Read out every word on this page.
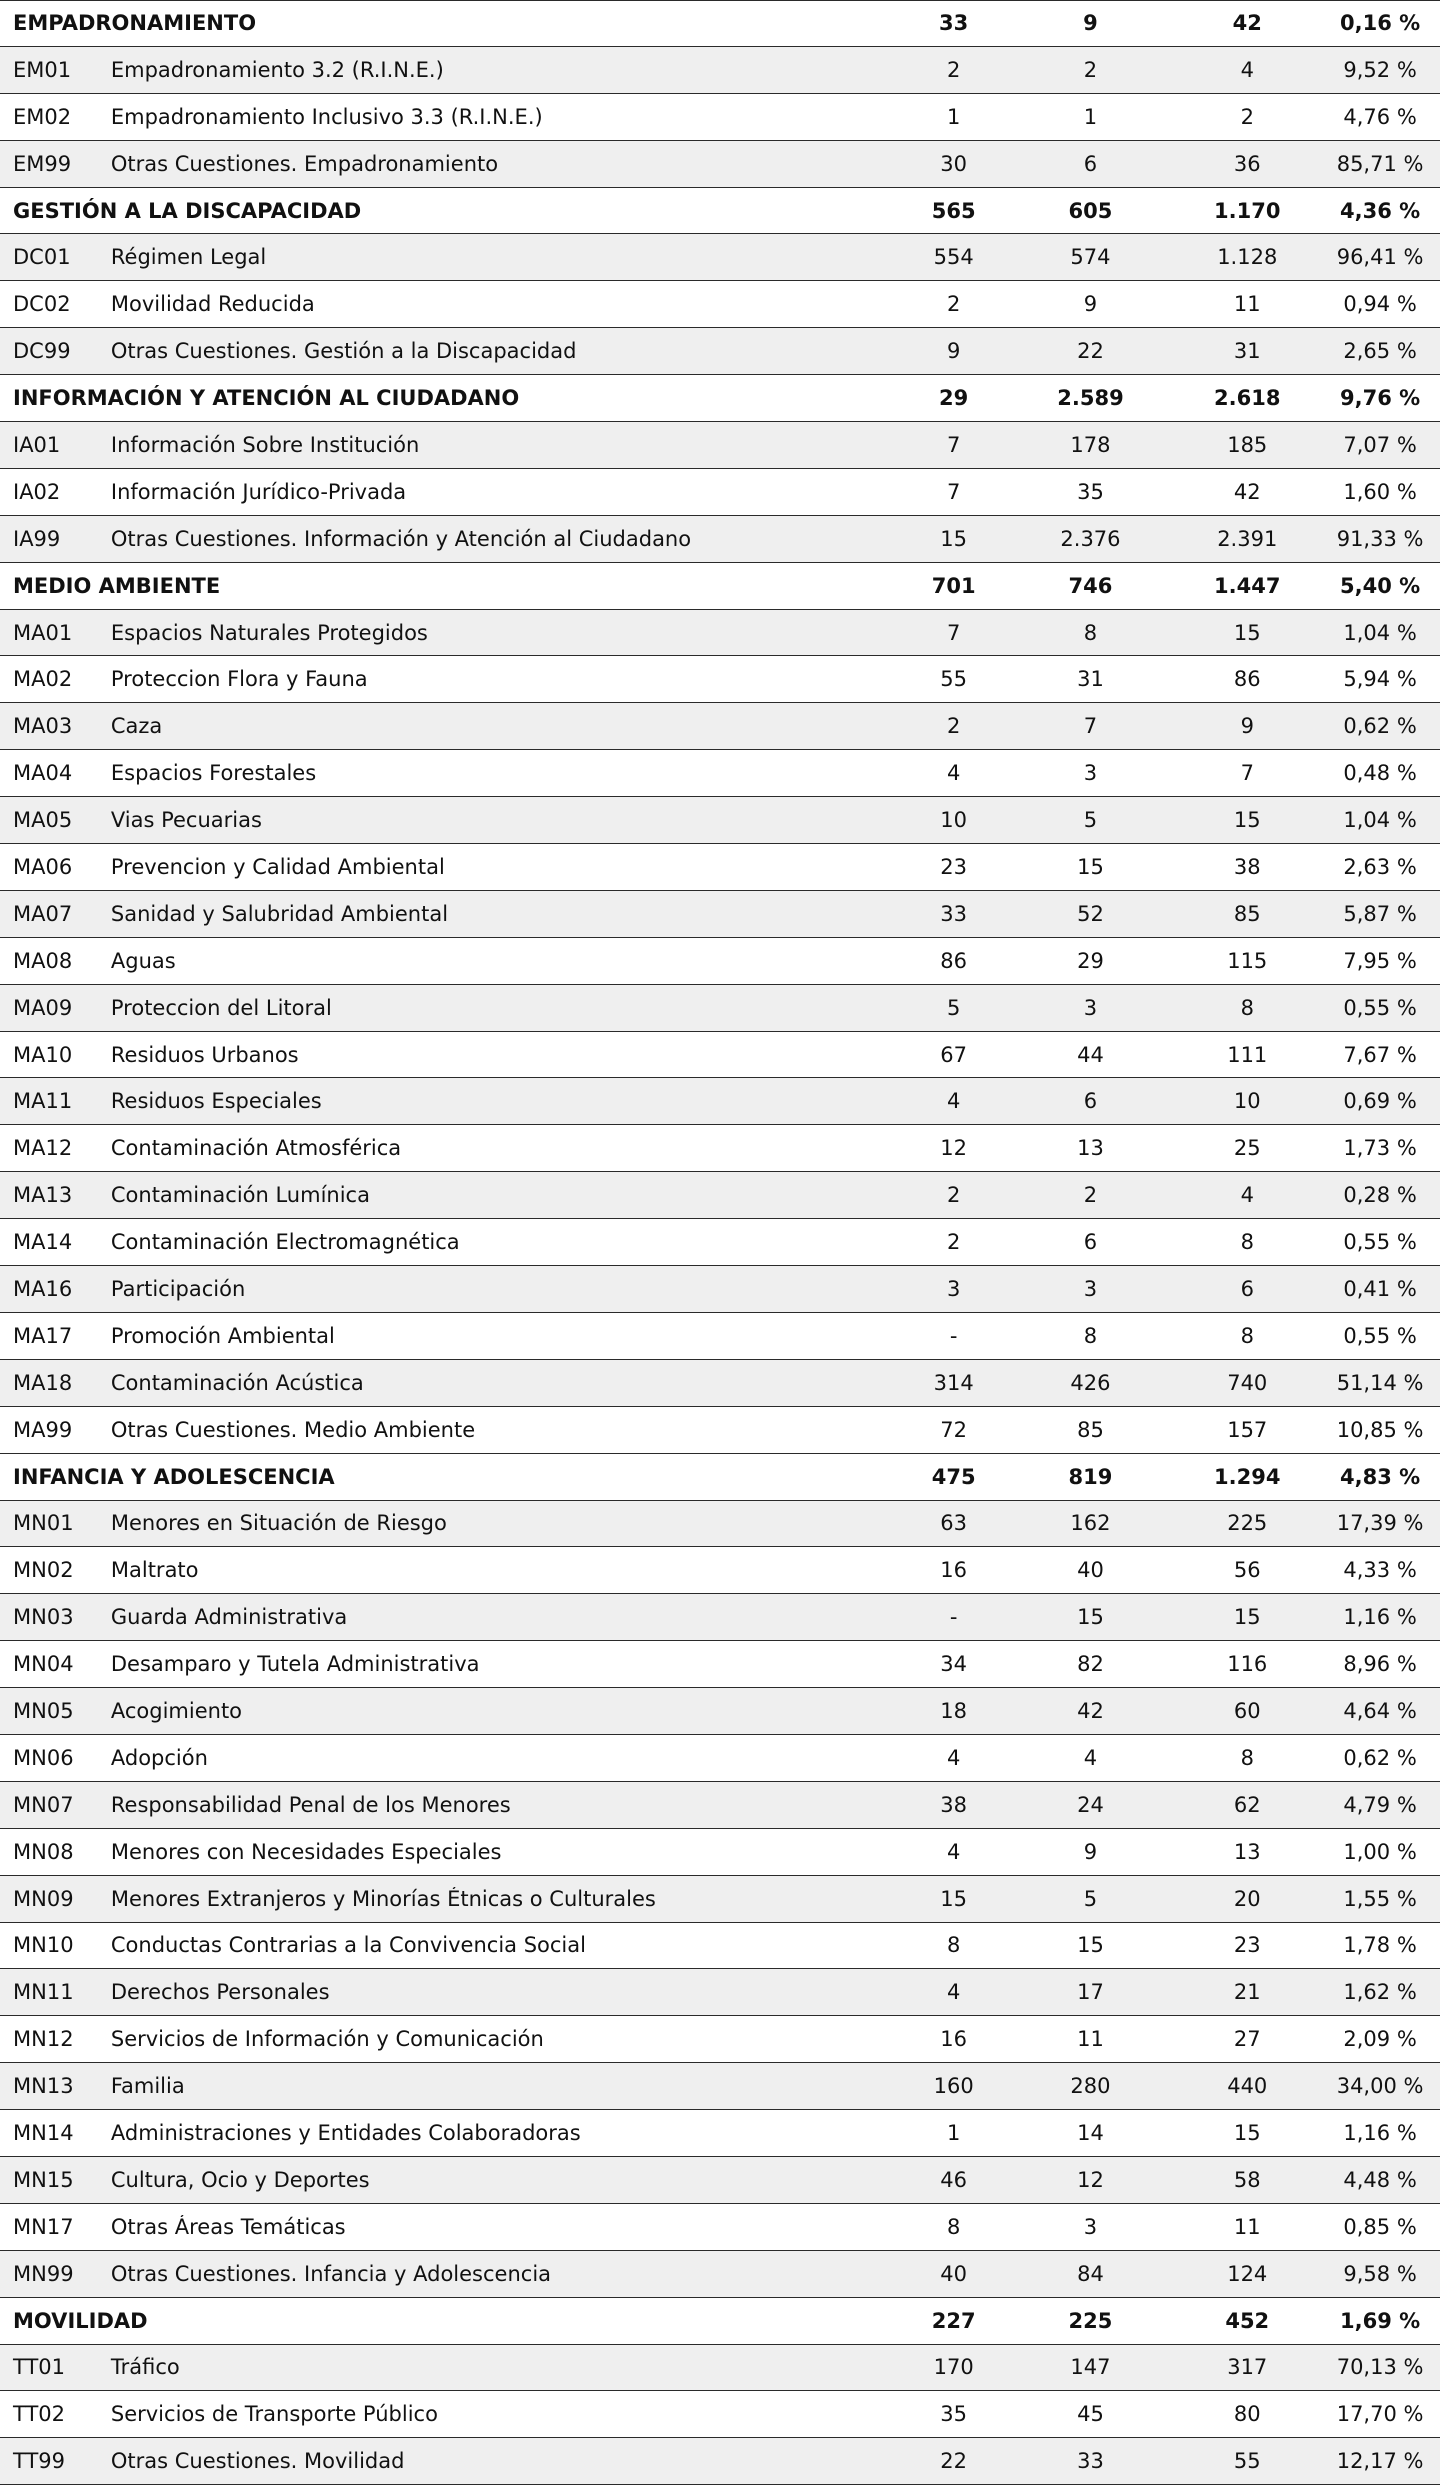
EMPADRONAMIENTO	33	9	42	0,16 %
EM01	Empadronamiento 3.2 (R.I.N.E.)	2	2	4	9,52 %
EM02	Empadronamiento Inclusivo 3.3 (R.I.N.E.)	1	1	2	4,76 %
EM99	Otras Cuestiones. Empadronamiento	30	6	36	85,71 %
GESTIÓN A LA DISCAPACIDAD	565	605	1.170	4,36 %
DC01	Régimen Legal	554	574	1.128	96,41 %
DC02	Movilidad Reducida	2	9	11	0,94 %
DC99	Otras Cuestiones. Gestión a la Discapacidad	9	22	31	2,65 %
INFORMACIÓN Y ATENCIÓN AL CIUDADANO	29	2.589	2.618	9,76 %
IA01	Información Sobre Institución	7	178	185	7,07 %
IA02	Información Jurídico-Privada	7	35	42	1,60 %
IA99	Otras Cuestiones. Información y Atención al Ciudadano	15	2.376	2.391	91,33 %
MEDIO AMBIENTE	701	746	1.447	5,40 %
MA01	Espacios Naturales Protegidos	7	8	15	1,04 %
MA02	Proteccion Flora y Fauna	55	31	86	5,94 %
MA03	Caza	2	7	9	0,62 %
MA04	Espacios Forestales	4	3	7	0,48 %
MA05	Vias Pecuarias	10	5	15	1,04 %
MA06	Prevencion y Calidad Ambiental	23	15	38	2,63 %
MA07	Sanidad y Salubridad Ambiental	33	52	85	5,87 %
MA08	Aguas	86	29	115	7,95 %
MA09	Proteccion del Litoral	5	3	8	0,55 %
MA10	Residuos Urbanos	67	44	111	7,67 %
MA11	Residuos Especiales	4	6	10	0,69 %
MA12	Contaminación Atmosférica	12	13	25	1,73 %
MA13	Contaminación Lumínica	2	2	4	0,28 %
MA14	Contaminación Electromagnética	2	6	8	0,55 %
MA16	Participación	3	3	6	0,41 %
MA17	Promoción Ambiental	-	8	8	0,55 %
MA18	Contaminación Acústica	314	426	740	51,14 %
MA99	Otras Cuestiones. Medio Ambiente	72	85	157	10,85 %
INFANCIA Y ADOLESCENCIA	475	819	1.294	4,83 %
MN01	Menores en Situación de Riesgo	63	162	225	17,39 %
MN02	Maltrato	16	40	56	4,33 %
MN03	Guarda Administrativa	-	15	15	1,16 %
MN04	Desamparo y Tutela Administrativa	34	82	116	8,96 %
MN05	Acogimiento	18	42	60	4,64 %
MN06	Adopción	4	4	8	0,62 %
MN07	Responsabilidad Penal de los Menores	38	24	62	4,79 %
MN08	Menores con Necesidades Especiales	4	9	13	1,00 %
MN09	Menores Extranjeros y Minorías Étnicas o Culturales	15	5	20	1,55 %
MN10	Conductas Contrarias a la Convivencia Social	8	15	23	1,78 %
MN11	Derechos Personales	4	17	21	1,62 %
MN12	Servicios de Información y Comunicación	16	11	27	2,09 %
MN13	Familia	160	280	440	34,00 %
MN14	Administraciones y Entidades Colaboradoras	1	14	15	1,16 %
MN15	Cultura, Ocio y Deportes	46	12	58	4,48 %
MN17	Otras Áreas Temáticas	8	3	11	0,85 %
MN99	Otras Cuestiones. Infancia y Adolescencia	40	84	124	9,58 %
MOVILIDAD	227	225	452	1,69 %
TT01	Tráfico	170	147	317	70,13 %
TT02	Servicios de Transporte Público	35	45	80	17,70 %
TT99	Otras Cuestiones. Movilidad	22	33	55	12,17 %
